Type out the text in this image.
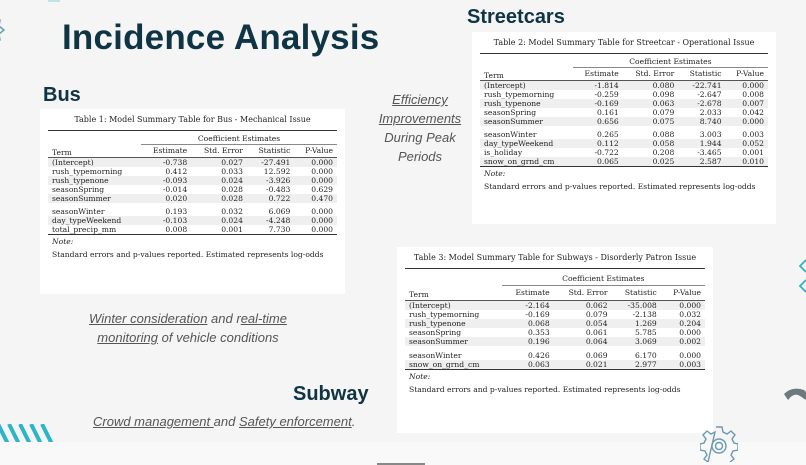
Incidence Analysis
Bus
Streetcars
Subway
Efficiency
Improvements
During Peak
Periods
Winter consideration and real-time
monitoring of vehicle conditions
Crowd management and Safety enforcement.
Table 1: Model Summary Table for Bus - Mechanical Issue
	Coefficient Estimates			
Term	Estimate	Std. Error	Statistic	P-Value
(Intercept)	-0.738	0.027	-27.491	0.000
rush_typemorning	0.412	0.033	12.592	0.000
rush_typenone	-0.093	0.024	-3.926	0.000
seasonSpring	-0.014	0.028	-0.483	0.629
seasonSummer	0.020	0.028	0.722	0.470
seasonWinter	0.193	0.032	6.069	0.000
day_typeWeekend	-0.103	0.024	-4.248	0.000
total_precip_mm	0.008	0.001	7.730	0.000
Note:				
Standard errors and p-values reported. Estimated represents log-odds				
Table 2: Model Summary Table for Streetcar - Operational Issue
	Coefficient Estimates			
Term	Estimate	Std. Error	Statistic	P-Value
(Intercept)	-1.814	0.080	-22.741	0.000
rush_typemorning	-0.259	0.098	-2.647	0.008
rush_typenone	-0.169	0.063	-2.678	0.007
seasonSpring	0.161	0.079	2.033	0.042
seasonSummer	0.656	0.075	8.740	0.000
seasonWinter	0.265	0.088	3.003	0.003
day_typeWeekend	0.112	0.058	1.944	0.052
is_holiday	-0.722	0.208	-3.465	0.001
snow_on_grnd_cm	0.065	0.025	2.587	0.010
Note:				
Standard errors and p-values reported. Estimated represents log-odds				
Table 3: Model Summary Table for Subways - Disorderly Patron Issue
	Coefficient Estimates			
Term	Estimate	Std. Error	Statistic	P-Value
(Intercept)	-2.164	0.062	-35.008	0.000
rush_typemorning	-0.169	0.079	-2.138	0.032
rush_typenone	0.068	0.054	1.269	0.204
seasonSpring	0.353	0.061	5.785	0.000
seasonSummer	0.196	0.064	3.069	0.002
seasonWinter	0.426	0.069	6.170	0.000
snow_on_grnd_cm	0.063	0.021	2.977	0.003
Note:				
Standard errors and p-values reported. Estimated represents log-odds				
